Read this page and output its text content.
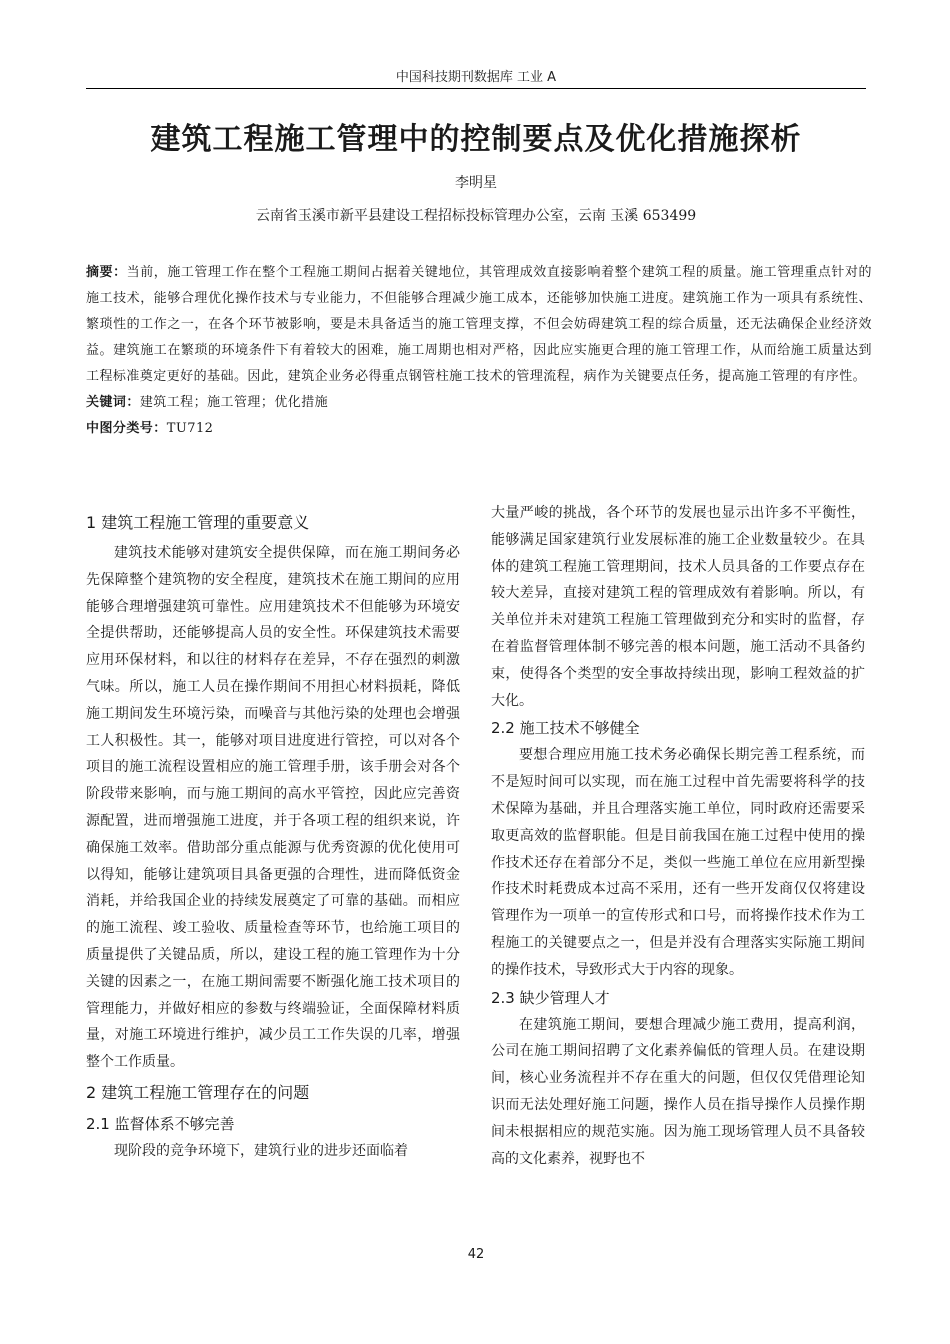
中国科技期刊数据库 工业 A
建筑工程施工管理中的控制要点及优化措施探析
李明星
云南省玉溪市新平县建设工程招标投标管理办公室，云南 玉溪 653499
摘要：当前，施工管理工作在整个工程施工期间占据着关键地位，其管理成效直接影响着整个建筑工程的质量。施工管理重点针对的施工技术，能够合理优化操作技术与专业能力，不但能够合理减少施工成本，还能够加快施工进度。建筑施工作为一项具有系统性、繁琐性的工作之一，在各个环节被影响，要是未具备适当的施工管理支撑，不但会妨碍建筑工程的综合质量，还无法确保企业经济效益。建筑施工在繁琐的环境条件下有着较大的困难，施工周期也相对严格，因此应实施更合理的施工管理工作，从而给施工质量达到工程标准奠定更好的基础。因此，建筑企业务必得重点钢管柱施工技术的管理流程，病作为关键要点任务，提高施工管理的有序性。
关键词：建筑工程；施工管理；优化措施
中图分类号：TU712
1 建筑工程施工管理的重要意义

建筑技术能够对建筑安全提供保障，而在施工期间务必先保障整个建筑物的安全程度，建筑技术在施工期间的应用能够合理增强建筑可靠性。应用建筑技术不但能够为环境安全提供帮助，还能够提高人员的安全性。环保建筑技术需要应用环保材料，和以往的材料存在差异，不存在强烈的刺激气味。所以，施工人员在操作期间不用担心材料损耗，降低施工期间发生环境污染，而噪音与其他污染的处理也会增强工人积极性。其一，能够对项目进度进行管控，可以对各个项目的施工流程设置相应的施工管理手册，该手册会对各个阶段带来影响，而与施工期间的高水平管控，因此应完善资源配置，进而增强施工进度，并于各项工程的组织来说，许确保施工效率。借助部分重点能源与优秀资源的优化使用可以得知，能够让建筑项目具备更强的合理性，进而降低资金消耗，并给我国企业的持续发展奠定了可靠的基础。而相应的施工流程、竣工验收、质量检查等环节，也给施工项目的质量提供了关键品质，所以，建设工程的施工管理作为十分关键的因素之一，在施工期间需要不断强化施工技术项目的管理能力，并做好相应的参数与终端验证，全面保障材料质量，对施工环境进行维护，减少员工工作失误的几率，增强整个工作质量。

2 建筑工程施工管理存在的问题
2.1 监督体系不够完善

现阶段的竞争环境下，建筑行业的进步还面临着

大量严峻的挑战，各个环节的发展也显示出许多不平衡性，能够满足国家建筑行业发展标准的施工企业数量较少。在具体的建筑工程施工管理期间，技术人员具备的工作要点存在较大差异，直接对建筑工程的管理成效有着影响。所以，有关单位并未对建筑工程施工管理做到充分和实时的监督，存在着监督管理体制不够完善的根本问题，施工活动不具备约束，使得各个类型的安全事故持续出现，影响工程效益的扩大化。

2.2 施工技术不够健全

要想合理应用施工技术务必确保长期完善工程系统，而不是短时间可以实现，而在施工过程中首先需要将科学的技术保障为基础，并且合理落实施工单位，同时政府还需要采取更高效的监督职能。但是目前我国在施工过程中使用的操作技术还存在着部分不足，类似一些施工单位在应用新型操作技术时耗费成本过高不采用，还有一些开发商仅仅将建设管理作为一项单一的宣传形式和口号，而将操作技术作为工程施工的关键要点之一，但是并没有合理落实实际施工期间的操作技术，导致形式大于内容的现象。

2.3 缺少管理人才

在建筑施工期间，要想合理减少施工费用，提高利润，公司在施工期间招聘了文化素养偏低的管理人员。在建设期间，核心业务流程并不存在重大的问题，但仅仅凭借理论知识而无法处理好施工问题，操作人员在指导操作人员操作期间未根据相应的规范实施。因为施工现场管理人员不具备较高的文化素养，视野也不

42
